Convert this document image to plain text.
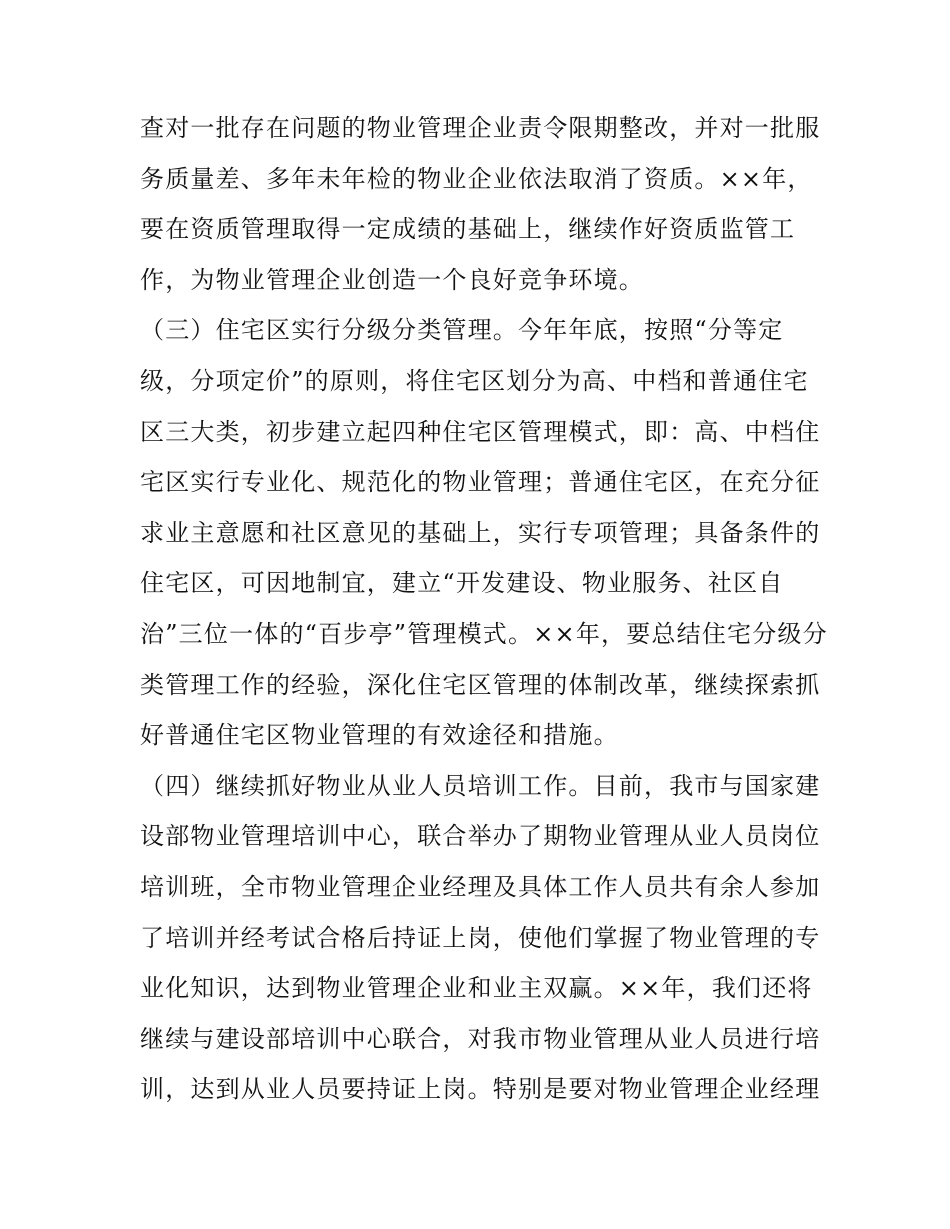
查对一批存在问题的物业管理企业责令限期整改，并对一批服
务质量差、多年未年检的物业企业依法取消了资质。××年，
要在资质管理取得一定成绩的基础上，继续作好资质监管工
作，为物业管理企业创造一个良好竞争环境。
（三）住宅区实行分级分类管理。今年年底，按照“分等定
级，分项定价”的原则，将住宅区划分为高、中档和普通住宅
区三大类，初步建立起四种住宅区管理模式，即：高、中档住
宅区实行专业化、规范化的物业管理；普通住宅区，在充分征
求业主意愿和社区意见的基础上，实行专项管理；具备条件的
住宅区，可因地制宜，建立“开发建设、物业服务、社区自
治”三位一体的“百步亭”管理模式。××年，要总结住宅分级分
类管理工作的经验，深化住宅区管理的体制改革，继续探索抓
好普通住宅区物业管理的有效途径和措施。
（四）继续抓好物业从业人员培训工作。目前，我市与国家建
设部物业管理培训中心，联合举办了期物业管理从业人员岗位
培训班，全市物业管理企业经理及具体工作人员共有余人参加
了培训并经考试合格后持证上岗，使他们掌握了物业管理的专
业化知识，达到物业管理企业和业主双赢。××年，我们还将
继续与建设部培训中心联合，对我市物业管理从业人员进行培
训，达到从业人员要持证上岗。特别是要对物业管理企业经理
